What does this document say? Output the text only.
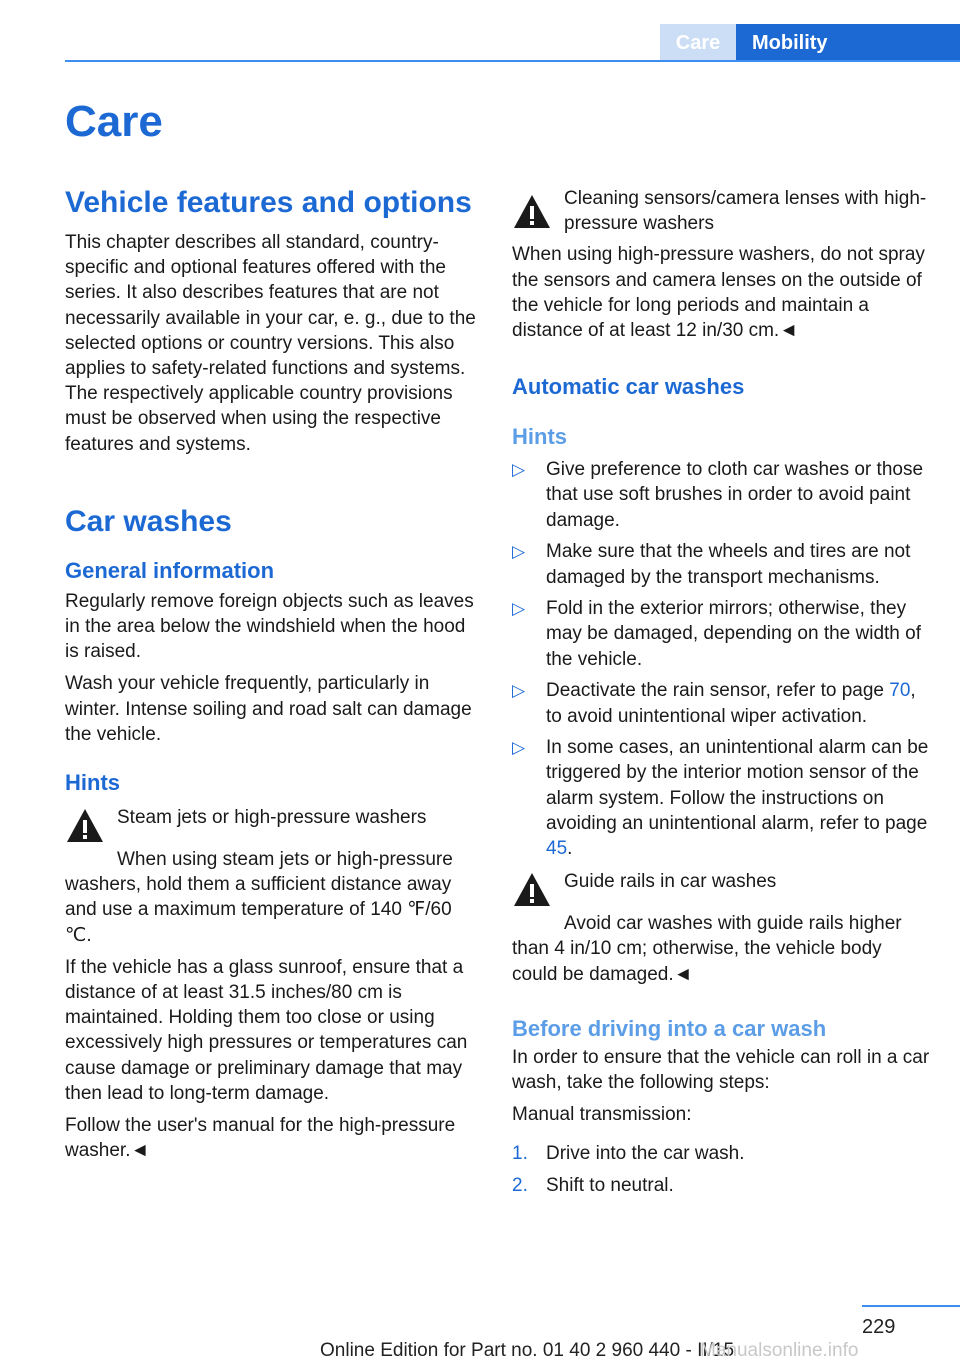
Care	Mobility
Care
Vehicle features and options

This chapter describes all standard, country-specific and optional features offered with the series. It also describes features that are not necessarily available in your car, e. g., due to the selected options or country versions. This also applies to safety-related functions and systems. The respectively applicable country provisions must be observed when using the respective features and systems.

Car washes
General information

Regularly remove foreign objects such as leaves in the area below the windshield when the hood is raised.

Wash your vehicle frequently, particularly in winter. Intense soiling and road salt can damage the vehicle.

Hints

Steam jets or high-pressure washers

When using steam jets or high-pressure washers, hold them a sufficient distance away and use a maximum temperature of 140 ℉/60 ℃.

If the vehicle has a glass sunroof, ensure that a distance of at least 31.5 inches/80 cm is maintained. Holding them too close or using excessively high pressures or temperatures can cause damage or preliminary damage that may then lead to long-term damage.

Follow the user's manual for the high-pressure washer.◄

Cleaning sensors/camera lenses with high-pressure washers

When using high-pressure washers, do not spray the sensors and camera lenses on the outside of the vehicle for long periods and maintain a distance of at least 12 in/30 cm.◄

Automatic car washes
Hints
▷ Give preference to cloth car washes or those that use soft brushes in order to avoid paint damage.
▷ Make sure that the wheels and tires are not damaged by the transport mechanisms.
▷ Fold in the exterior mirrors; otherwise, they may be damaged, depending on the width of the vehicle.
▷ Deactivate the rain sensor, refer to page 70, to avoid unintentional wiper activation.
▷ In some cases, an unintentional alarm can be triggered by the interior motion sensor of the alarm system. Follow the instructions on avoiding an unintentional alarm, refer to page 45.

Guide rails in car washes

Avoid car washes with guide rails higher than 4 in/10 cm; otherwise, the vehicle body could be damaged.◄

Before driving into a car wash

In order to ensure that the vehicle can roll in a car wash, take the following steps:

Manual transmission:

1. Drive into the car wash.
2. Shift to neutral.
229
Online Edition for Part no. 01 40 2 960 440 - II/15
Manualsonline.info
